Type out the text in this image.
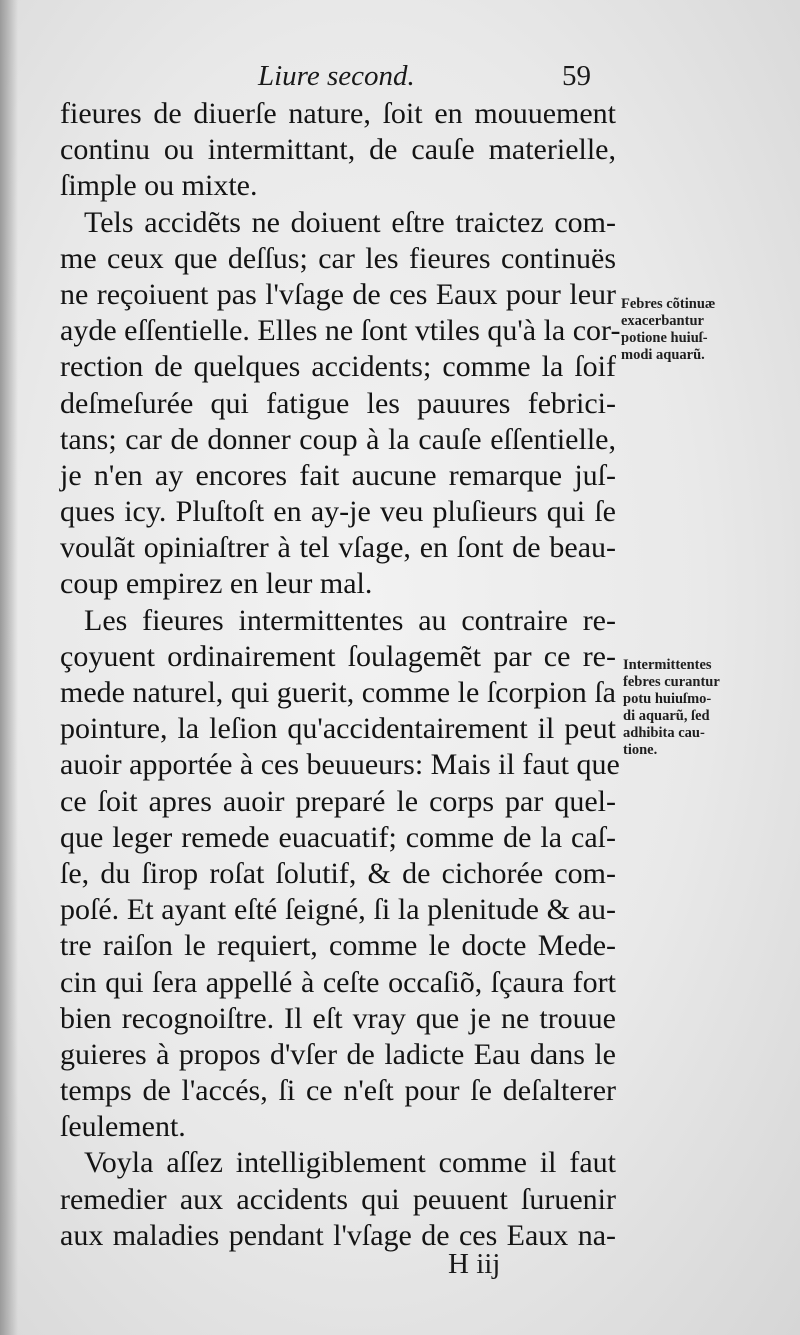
Liure second.	59
fieures de diuerſe nature, ſoit en mouuement
continu ou intermittant, de cauſe materielle,
ſimple ou mixte.
Tels accidẽts ne doiuent eſtre traictez com-
me ceux que deſſus; car les fieures continuës
ne reçoiuent pas l'vſage de ces Eaux pour leur
ayde eſſentielle. Elles ne ſont vtiles qu'à la cor-
rection de quelques accidents; comme la ſoif
deſmeſurée qui fatigue les pauures febrici-
tans; car de donner coup à la cauſe eſſentielle,
je n'en ay encores fait aucune remarque juſ-
ques icy. Pluſtoſt en ay-je veu pluſieurs qui ſe
voulãt opiniaſtrer à tel vſage, en ſont de beau-
coup empirez en leur mal.
Les fieures intermittentes au contraire re-
çoyuent ordinairement ſoulagemẽt par ce re-
mede naturel, qui guerit, comme le ſcorpion ſa
pointure, la leſion qu'accidentairement il peut
auoir apportée à ces beuueurs: Mais il faut que
ce ſoit apres auoir preparé le corps par quel-
que leger remede euacuatif; comme de la caſ-
ſe, du ſirop roſat ſolutif, & de cichorée com-
poſé. Et ayant eſté ſeigné, ſi la plenitude & au-
tre raiſon le requiert, comme le docte Mede-
cin qui ſera appellé à ceſte occaſiõ, ſçaura fort
bien recognoiſtre. Il eſt vray que je ne trouue
guieres à propos d'vſer de ladicte Eau dans le
temps de l'accés, ſi ce n'eſt pour ſe deſalterer
ſeulement.
Voyla aſſez intelligiblement comme il faut
remedier aux accidents qui peuuent ſuruenir
aux maladies pendant l'vſage de ces Eaux na-
Febres cõtinuæ
exacerbantur
potione huiuſ-
modi aquarũ.
Intermittentes
febres curantur
potu huiuſmo-
di aquarũ, ſed
adhibita cau-
tione.
H iij
